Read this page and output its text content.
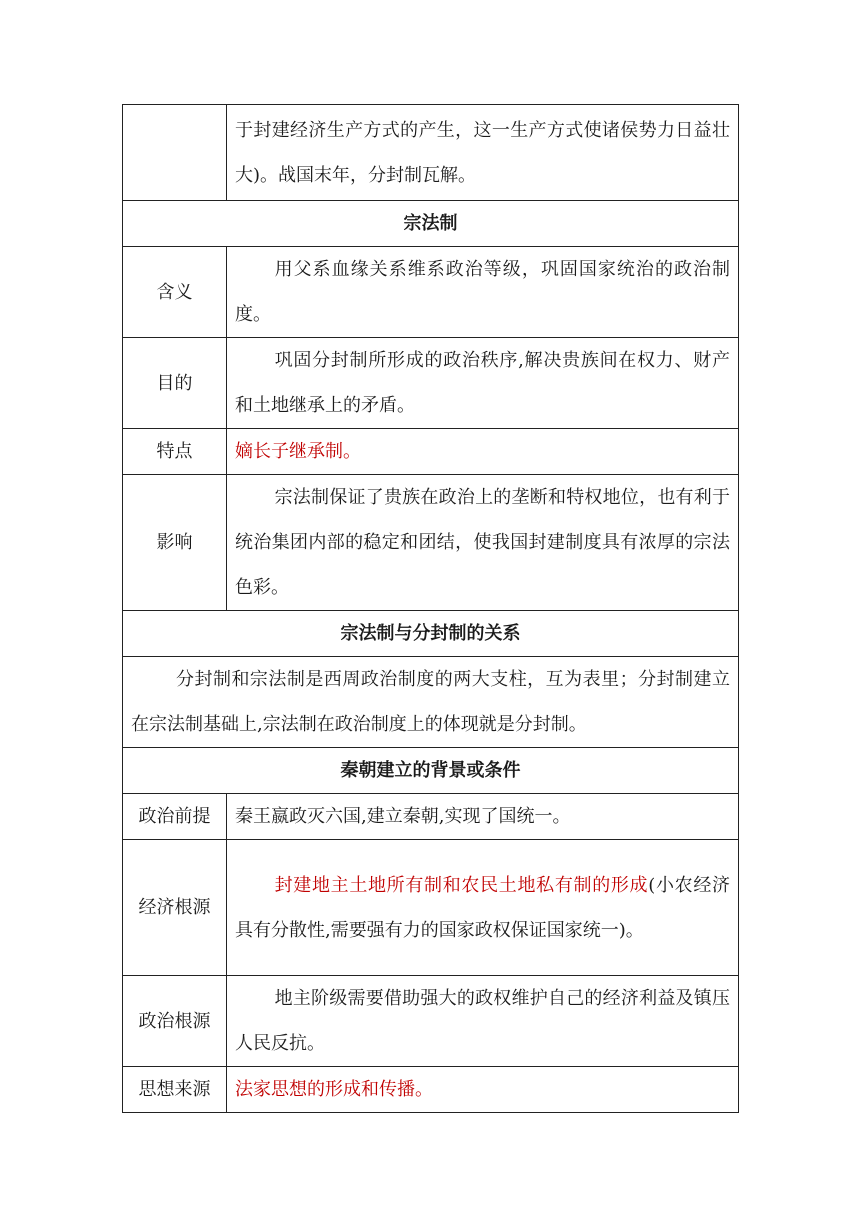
	于封建经济生产方式的产生，这一生产方式使诸侯势力日益壮大)。战国末年，分封制瓦解。
宗法制	
含义	用父系血缘关系维系政治等级，巩固国家统治的政治制度。

目的	巩固分封制所形成的政治秩序,解决贵族间在权力、财产和土地继承上的矛盾。

特点	嫡长子继承制。
影响	宗法制保证了贵族在政治上的垄断和特权地位，也有利于统治集团内部的稳定和团结，使我国封建制度具有浓厚的宗法色彩。

宗法制与分封制的关系	

分封制和宗法制是西周政治制度的两大支柱，互为表里；分封制建立在宗法制基础上,宗法制在政治制度上的体现就是分封制。	

秦朝建立的背景或条件	
政治前提	秦王嬴政灭六国,建立秦朝,实现了国统一。
经济根源	封建地主土地所有制和农民土地私有制的形成(小农经济具有分散性,需要强有力的国家政权保证国家统一)。

政治根源	地主阶级需要借助强大的政权维护自己的经济利益及镇压人民反抗。

思想来源	法家思想的形成和传播。
